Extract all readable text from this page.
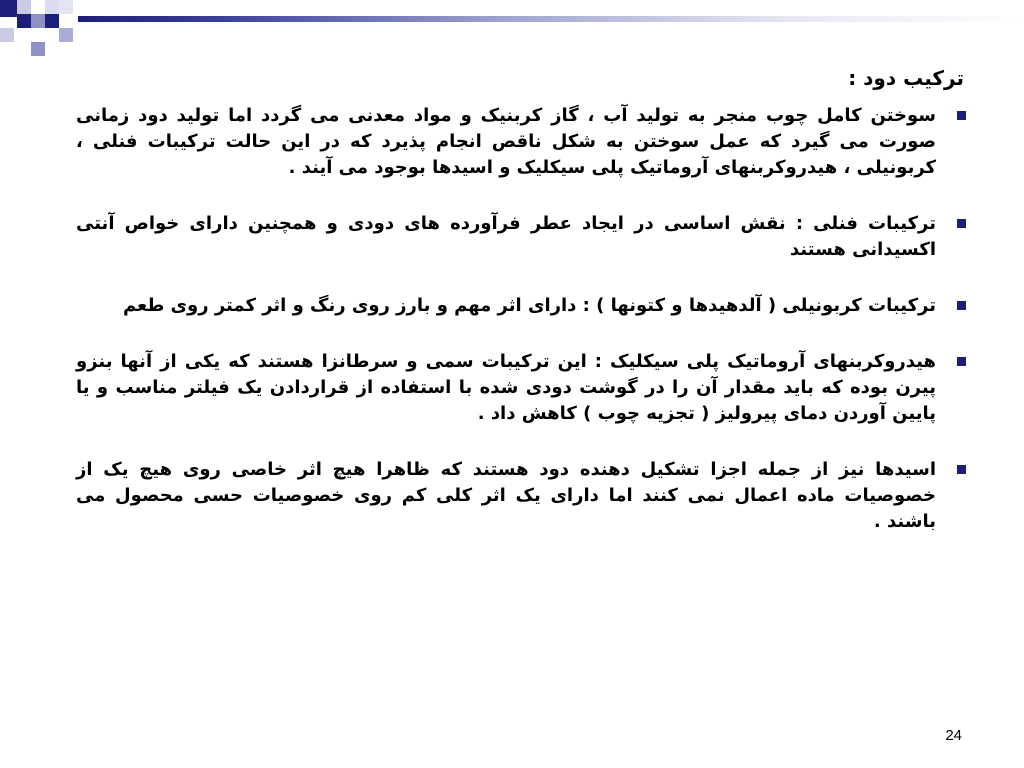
ترکیب دود :
سوختن کامل چوب منجر به تولید آب ، گاز کربنیک و مواد معدنی می گردد اما تولید دود زمانی صورت می گیرد که عمل سوختن به شکل ناقص انجام پذیرد که در این حالت ترکیبات فنلی ، کربونیلی ، هیدروکربنهای آروماتیک پلی سیکلیک و اسیدها بوجود می آیند .
ترکیبات فنلی : نقش اساسی در ایجاد عطر فرآورده های دودی و همچنین دارای خواص آنتی اکسیدانی هستند
ترکیبات کربونیلی ( آلدهیدها و کتونها ) : دارای اثر مهم و بارز روی رنگ و اثر کمتر روی طعم
هیدروکربنهای آروماتیک پلی سیکلیک : این ترکیبات سمی و سرطانزا هستند که یکی از آنها بنزو پیرن بوده که باید مقدار آن را در گوشت دودی شده با استفاده از قراردادن یک فیلتر مناسب و یا پایین آوردن دمای پیرولیز ( تجزیه چوب ) کاهش داد .
اسیدها نیز از جمله اجزا تشکیل دهنده دود هستند که ظاهرا هیچ اثر خاصی روی هیچ یک از خصوصیات ماده اعمال نمی کنند اما دارای یک اثر کلی کم روی خصوصیات حسی محصول می باشند .
24
